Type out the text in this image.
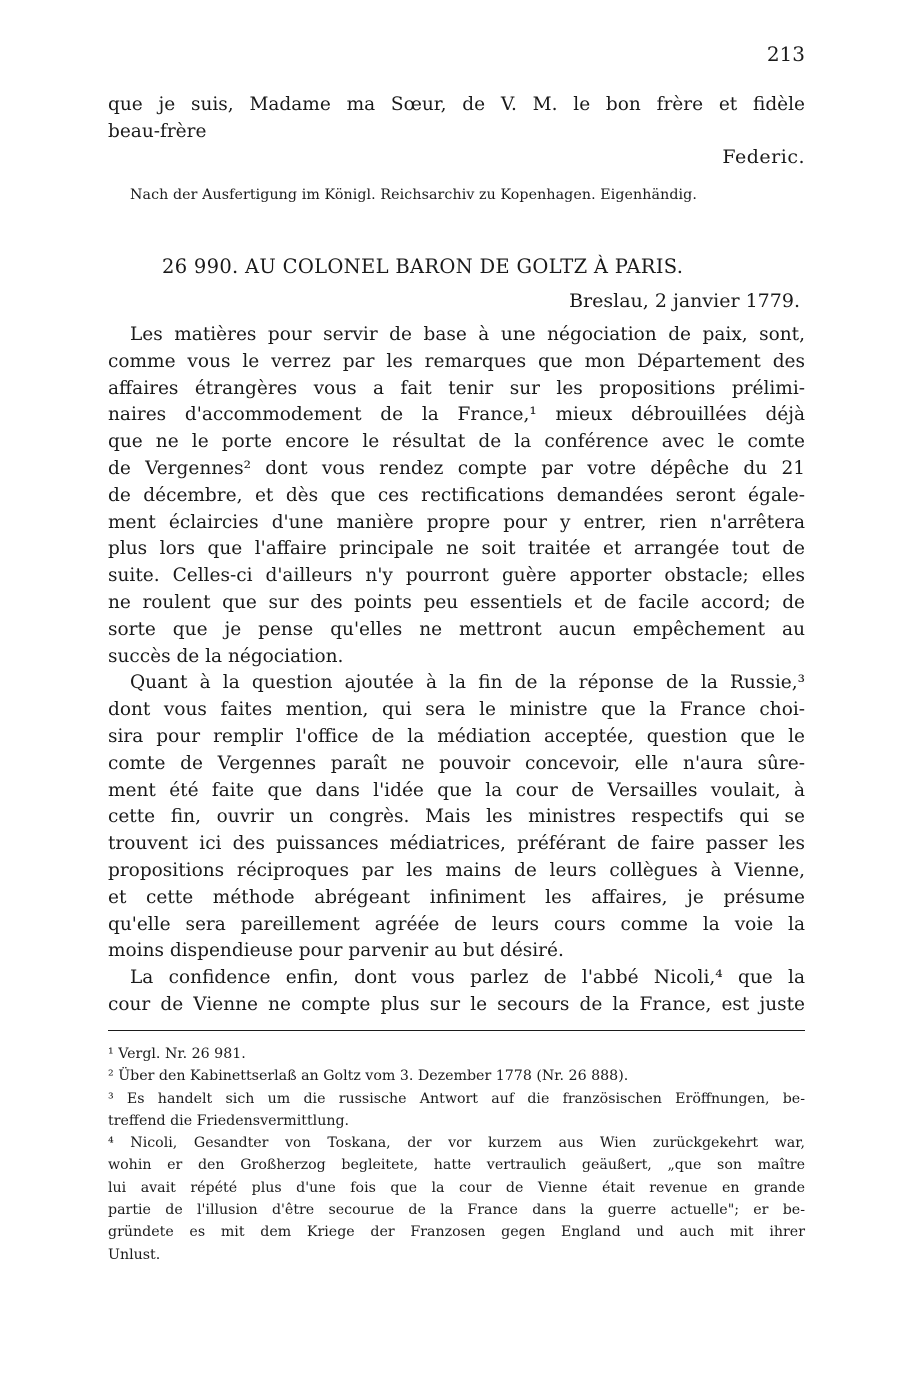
213
que je suis, Madame ma Sœur, de V. M. le bon frère et fidèle
beau-frère
Federic.
Nach der Ausfertigung im Königl. Reichsarchiv zu Kopenhagen. Eigenhändig.
26 990. AU COLONEL BARON DE GOLTZ À PARIS.
Breslau, 2 janvier 1779.
Les matières pour servir de base à une négociation de paix, sont,
comme vous le verrez par les remarques que mon Département des
affaires étrangères vous a fait tenir sur les propositions prélimi-
naires d'accommodement de la France,¹ mieux débrouillées déjà
que ne le porte encore le résultat de la conférence avec le comte
de Vergennes² dont vous rendez compte par votre dépêche du 21
de décembre, et dès que ces rectifications demandées seront égale-
ment éclaircies d'une manière propre pour y entrer, rien n'arrêtera
plus lors que l'affaire principale ne soit traitée et arrangée tout de
suite. Celles-ci d'ailleurs n'y pourront guère apporter obstacle; elles
ne roulent que sur des points peu essentiels et de facile accord; de
sorte que je pense qu'elles ne mettront aucun empêchement au
succès de la négociation.
Quant à la question ajoutée à la fin de la réponse de la Russie,³
dont vous faites mention, qui sera le ministre que la France choi-
sira pour remplir l'office de la médiation acceptée, question que le
comte de Vergennes paraît ne pouvoir concevoir, elle n'aura sûre-
ment été faite que dans l'idée que la cour de Versailles voulait, à
cette fin, ouvrir un congrès. Mais les ministres respectifs qui se
trouvent ici des puissances médiatrices, préférant de faire passer les
propositions réciproques par les mains de leurs collègues à Vienne,
et cette méthode abrégeant infiniment les affaires, je présume
qu'elle sera pareillement agréée de leurs cours comme la voie la
moins dispendieuse pour parvenir au but désiré.
La confidence enfin, dont vous parlez de l'abbé Nicoli,⁴ que la
cour de Vienne ne compte plus sur le secours de la France, est juste
¹ Vergl. Nr. 26 981.
² Über den Kabinettserlaß an Goltz vom 3. Dezember 1778 (Nr. 26 888).
³ Es handelt sich um die russische Antwort auf die französischen Eröffnungen, be-
treffend die Friedensvermittlung.
⁴ Nicoli, Gesandter von Toskana, der vor kurzem aus Wien zurückgekehrt war,
wohin er den Großherzog begleitete, hatte vertraulich geäußert, „que son maître
lui avait répété plus d'une fois que la cour de Vienne était revenue en grande
partie de l'illusion d'être secourue de la France dans la guerre actuelle"; er be-
gründete es mit dem Kriege der Franzosen gegen England und auch mit ihrer
Unlust.
